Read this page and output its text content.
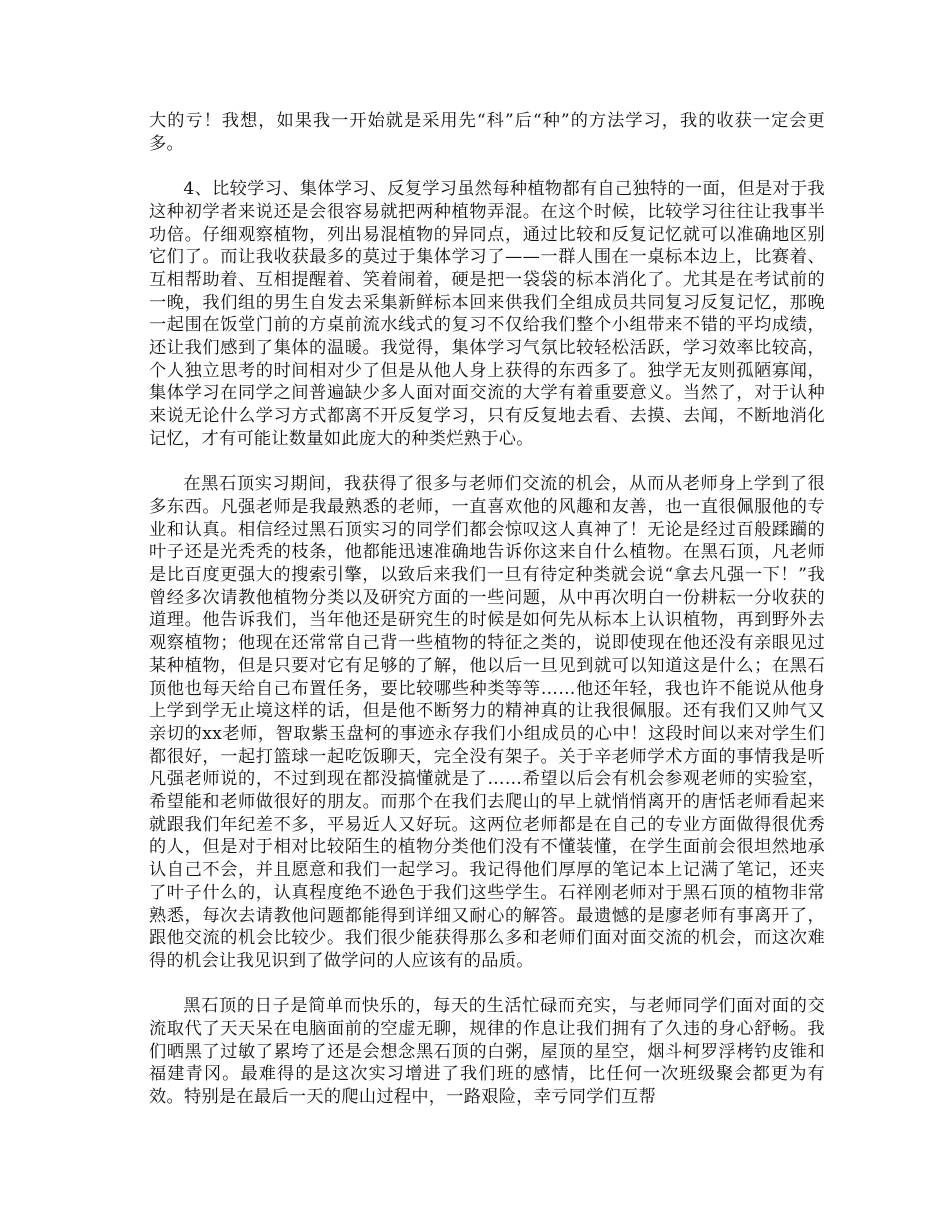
大的亏！我想，如果我一开始就是采用先“科”后“种”的方法学习，我的收获一定会更多。

4、比较学习、集体学习、反复学习虽然每种植物都有自己独特的一面，但是对于我这种初学者来说还是会很容易就把两种植物弄混。在这个时候，比较学习往往让我事半功倍。仔细观察植物，列出易混植物的异同点，通过比较和反复记忆就可以准确地区别它们了。而让我收获最多的莫过于集体学习了——一群人围在一桌标本边上，比赛着、互相帮助着、互相提醒着、笑着闹着，硬是把一袋袋的标本消化了。尤其是在考试前的一晚，我们组的男生自发去采集新鲜标本回来供我们全组成员共同复习反复记忆，那晚一起围在饭堂门前的方桌前流水线式的复习不仅给我们整个小组带来不错的平均成绩，还让我们感到了集体的温暖。我觉得，集体学习气氛比较轻松活跃，学习效率比较高，个人独立思考的时间相对少了但是从他人身上获得的东西多了。独学无友则孤陋寡闻，集体学习在同学之间普遍缺少多人面对面交流的大学有着重要意义。当然了，对于认种来说无论什么学习方式都离不开反复学习，只有反复地去看、去摸、去闻，不断地消化记忆，才有可能让数量如此庞大的种类烂熟于心。

在黑石顶实习期间，我获得了很多与老师们交流的机会，从而从老师身上学到了很多东西。凡强老师是我最熟悉的老师，一直喜欢他的风趣和友善，也一直很佩服他的专业和认真。相信经过黑石顶实习的同学们都会惊叹这人真神了！无论是经过百般蹂躏的叶子还是光秃秃的枝条，他都能迅速准确地告诉你这来自什么植物。在黑石顶，凡老师是比百度更强大的搜索引擎，以致后来我们一旦有待定种类就会说“拿去凡强一下！”我曾经多次请教他植物分类以及研究方面的一些问题，从中再次明白一份耕耘一分收获的道理。他告诉我们，当年他还是研究生的时候是如何先从标本上认识植物，再到野外去观察植物；他现在还常常自己背一些植物的特征之类的，说即使现在他还没有亲眼见过某种植物，但是只要对它有足够的了解，他以后一旦见到就可以知道这是什么；在黑石顶他也每天给自己布置任务，要比较哪些种类等等……他还年轻，我也许不能说从他身上学到学无止境这样的话，但是他不断努力的精神真的让我很佩服。还有我们又帅气又亲切的xx老师，智取紫玉盘柯的事迹永存我们小组成员的心中！这段时间以来对学生们都很好，一起打篮球一起吃饭聊天，完全没有架子。关于辛老师学术方面的事情我是听凡强老师说的，不过到现在都没搞懂就是了……希望以后会有机会参观老师的实验室，希望能和老师做很好的朋友。而那个在我们去爬山的早上就悄悄离开的唐恬老师看起来就跟我们年纪差不多，平易近人又好玩。这两位老师都是在自己的专业方面做得很优秀的人，但是对于相对比较陌生的植物分类他们没有不懂装懂，在学生面前会很坦然地承认自己不会，并且愿意和我们一起学习。我记得他们厚厚的笔记本上记满了笔记，还夹了叶子什么的，认真程度绝不逊色于我们这些学生。石祥刚老师对于黑石顶的植物非常熟悉，每次去请教他问题都能得到详细又耐心的解答。最遗憾的是廖老师有事离开了，跟他交流的机会比较少。我们很少能获得那么多和老师们面对面交流的机会，而这次难得的机会让我见识到了做学问的人应该有的品质。

黑石顶的日子是简单而快乐的，每天的生活忙碌而充实，与老师同学们面对面的交流取代了天天呆在电脑面前的空虚无聊，规律的作息让我们拥有了久违的身心舒畅。我们晒黑了过敏了累垮了还是会想念黑石顶的白粥，屋顶的星空，烟斗柯罗浮栲钓皮锥和福建青冈。最难得的是这次实习增进了我们班的感情，比任何一次班级聚会都更为有效。特别是在最后一天的爬山过程中，一路艰险，幸亏同学们互帮
